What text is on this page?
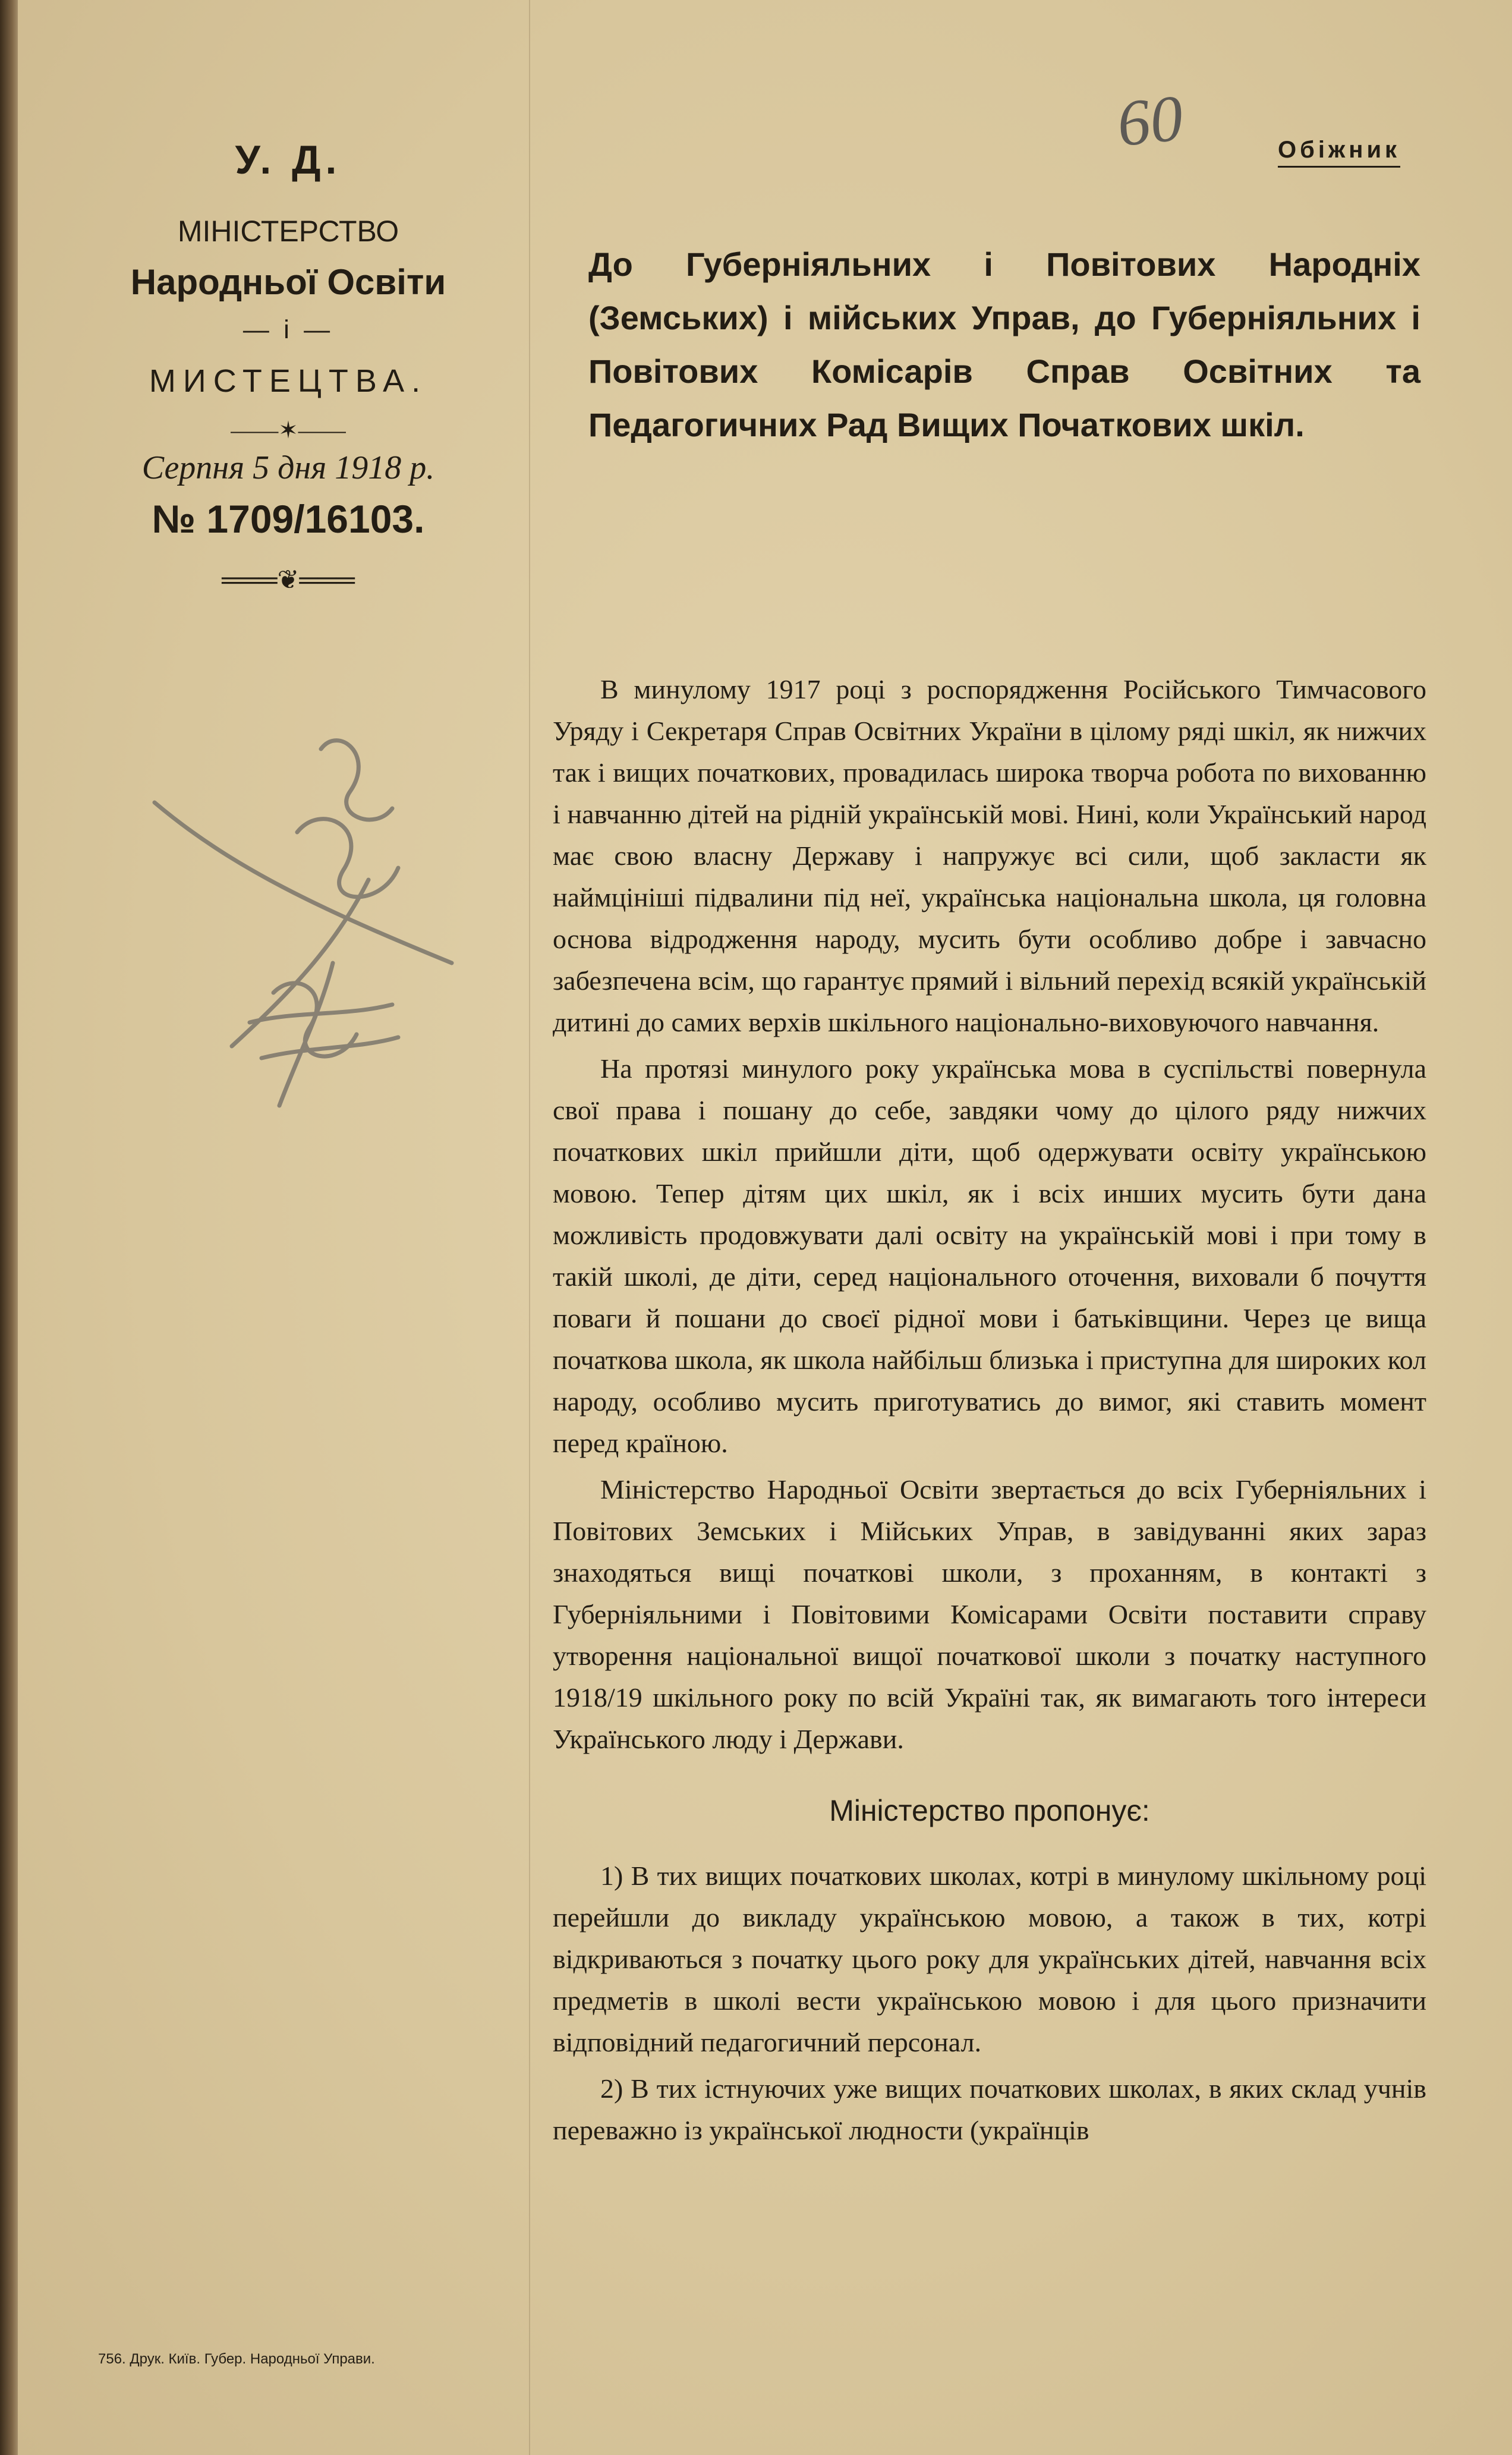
У. Д.
МІНІСТЕРСТВО
Народньої Освіти
— і —
МИСТЕЦТВА.
——✶——
Серпня 5 дня 1918 р.
№ 1709/16103.
═══❦═══
60	Обіжник

До Губерніяльних і Повітових Народніх (Земських) і мійських Управ, до Губерніяльних і Повітових Комісарів Справ Освітних та Педагогичних Рад Вищих Початкових шкіл.

В минулому 1917 році з роспорядження Російського Тимчасового Уряду і Секретаря Справ Освітних України в цілому ряді шкіл, як нижчих так і вищих початкових, провадилась широка творча робота по вихованню і навчанню дітей на рідній українській мові. Нині, коли Український народ має свою власну Державу і напружує всі сили, щоб закласти як наймцініші підвалини під неї, українська національна школа, ця головна основа відродження народу, мусить бути особливо добре і завчасно забезпечена всім, що гарантує прямий і вільний перехід всякій українській дитині до самих верхів шкільного національно-виховуючого навчання.

На протязі минулого року українська мова в суспільстві повернула свої права і пошану до себе, завдяки чому до цілого ряду нижчих початкових шкіл прийшли діти, щоб одержувати освіту українською мовою. Тепер дітям цих шкіл, як і всіх инших мусить бути дана можливість продовжувати далі освіту на українській мові і при тому в такій школі, де діти, серед національного оточення, виховали б почуття поваги й пошани до своєї рідної мови і батьківщини. Через це вища початкова школа, як школа найбільш близька і приступна для широких кол народу, особливо мусить приготуватись до вимог, які ставить момент перед країною.

Міністерство Народньої Освіти звертається до всіх Губерніяльних і Повітових Земських і Мійських Управ, в завідуванні яких зараз знаходяться вищі початкові школи, з проханням, в контакті з Губерніяльними і Повітовими Комісарами Освіти поставити справу утворення національної вищої початкової школи з початку наступного 1918/19 шкільного року по всій Україні так, як вимагають того інтереси Українського люду і Держави.

Міністерство пропонує:

1) В тих вищих початкових школах, котрі в минулому шкільному році перейшли до викладу українською мовою, а також в тих, котрі відкриваються з початку цього року для українських дітей, навчання всіх предметів в школі вести українською мовою і для цього призначити відповідний педагогичний персонал.

2) В тих істнуючих уже вищих початкових школах, в яких склад учнів переважно із української людности (українців

756. Друк. Київ. Губер. Народньої Управи.
